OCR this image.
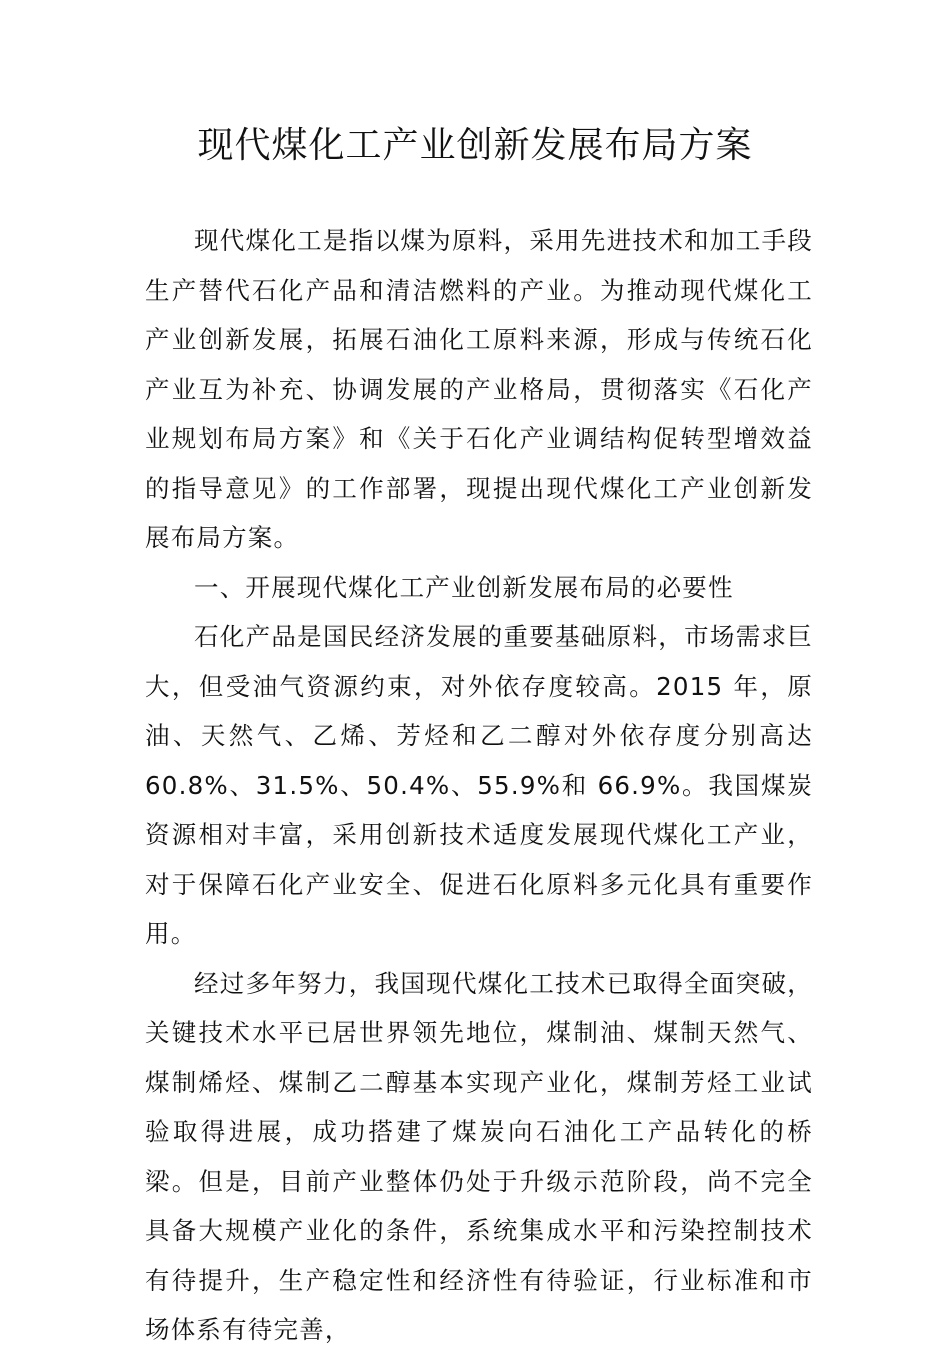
现代煤化工产业创新发展布局方案

现代煤化工是指以煤为原料，采用先进技术和加工手段生产替代石化产品和清洁燃料的产业。为推动现代煤化工产业创新发展，拓展石油化工原料来源，形成与传统石化产业互为补充、协调发展的产业格局，贯彻落实《石化产业规划布局方案》和《关于石化产业调结构促转型增效益的指导意见》的工作部署，现提出现代煤化工产业创新发展布局方案。

一、开展现代煤化工产业创新发展布局的必要性

石化产品是国民经济发展的重要基础原料，市场需求巨大，但受油气资源约束，对外依存度较高。2015 年，原油、天然气、乙烯、芳烃和乙二醇对外依存度分别高达 60.8%、31.5%、50.4%、55.9%和 66.9%。我国煤炭资源相对丰富，采用创新技术适度发展现代煤化工产业，对于保障石化产业安全、促进石化原料多元化具有重要作用。

经过多年努力，我国现代煤化工技术已取得全面突破，关键技术水平已居世界领先地位，煤制油、煤制天然气、煤制烯烃、煤制乙二醇基本实现产业化，煤制芳烃工业试验取得进展，成功搭建了煤炭向石油化工产品转化的桥梁。但是，目前产业整体仍处于升级示范阶段，尚不完全具备大规模产业化的条件，系统集成水平和污染控制技术有待提升，生产稳定性和经济性有待验证，行业标准和市场体系有待完善，
